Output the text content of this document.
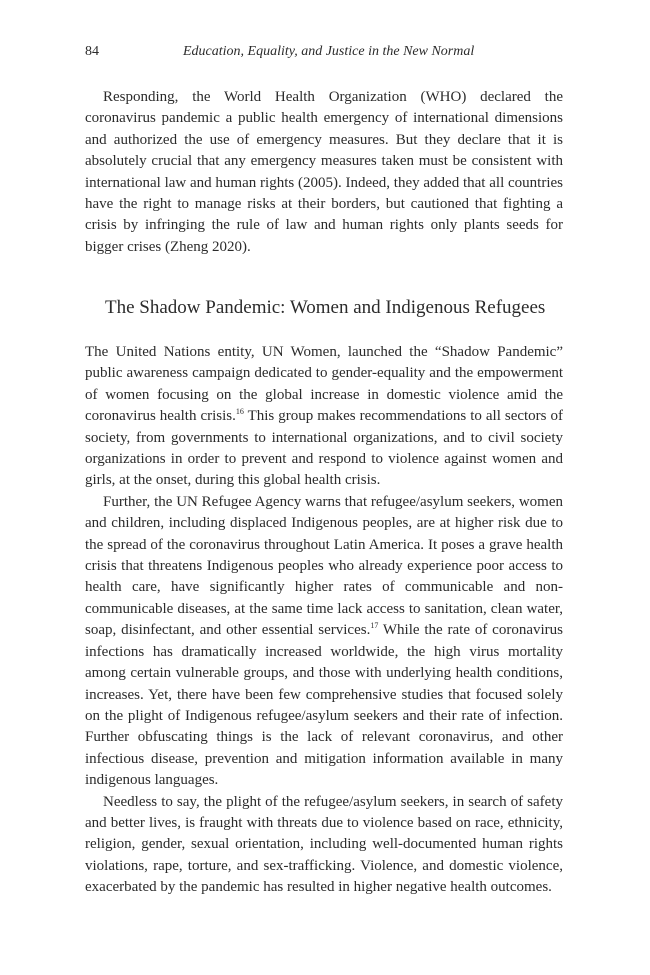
84	Education, Equality, and Justice in the New Normal

Responding, the World Health Organization (WHO) declared the coronavirus pandemic a public health emergency of international dimensions and authorized the use of emergency measures. But they declare that it is absolutely crucial that any emergency measures taken must be consistent with international law and human rights (2005). Indeed, they added that all countries have the right to manage risks at their borders, but cautioned that fighting a crisis by infringing the rule of law and human rights only plants seeds for bigger crises (Zheng 2020).

The Shadow Pandemic: Women and Indigenous Refugees

The United Nations entity, UN Women, launched the “Shadow Pandemic” public awareness campaign dedicated to gender-equality and the empowerment of women focusing on the global increase in domestic violence amid the coronavirus health crisis.$^{16}$ This group makes recommendations to all sectors of society, from governments to international organizations, and to civil society organizations in order to prevent and respond to violence against women and girls, at the onset, during this global health crisis.

Further, the UN Refugee Agency warns that refugee/asylum seekers, women and children, including displaced Indigenous peoples, are at higher risk due to the spread of the coronavirus throughout Latin America. It poses a grave health crisis that threatens Indigenous peoples who already experience poor access to health care, have significantly higher rates of communicable and non-communicable diseases, at the same time lack access to sanitation, clean water, soap, disinfectant, and other essential services.$^{17}$ While the rate of coronavirus infections has dramatically increased worldwide, the high virus mortality among certain vulnerable groups, and those with underlying health conditions, increases. Yet, there have been few comprehensive studies that focused solely on the plight of Indigenous refugee/asylum seekers and their rate of infection. Further obfuscating things is the lack of relevant coronavirus, and other infectious disease, prevention and mitigation information available in many indigenous languages.

Needless to say, the plight of the refugee/asylum seekers, in search of safety and better lives, is fraught with threats due to violence based on race, ethnicity, religion, gender, sexual orientation, including well-documented human rights violations, rape, torture, and sex-trafficking. Violence, and domestic violence, exacerbated by the pandemic has resulted in higher negative health outcomes.
